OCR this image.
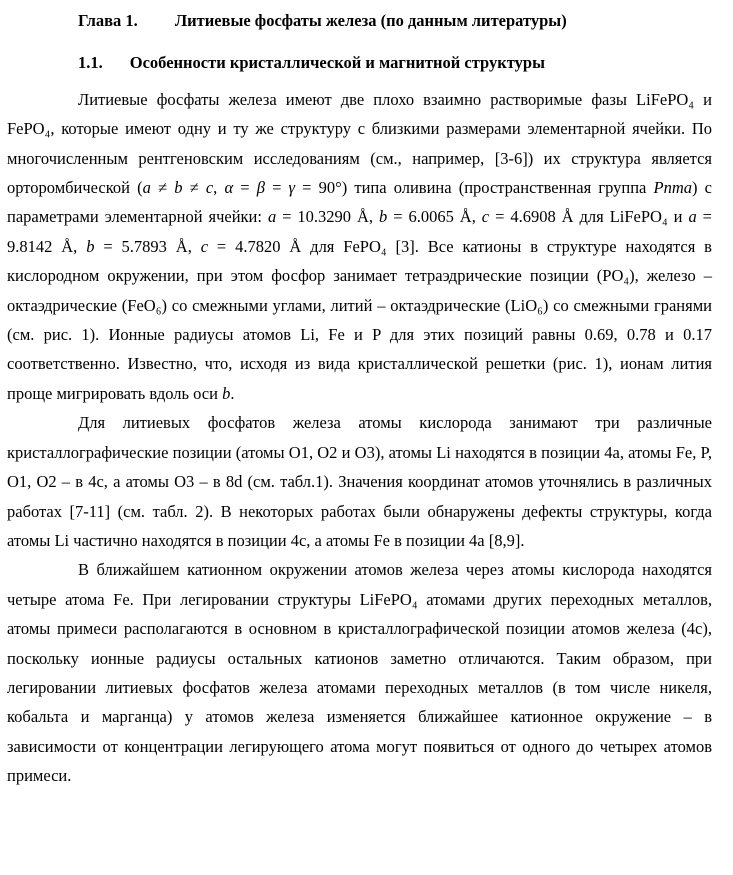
Глава 1. Литиевые фосфаты железа (по данным литературы)
1.1. Особенности кристаллической и магнитной структуры

Литиевые фосфаты железа имеют две плохо взаимно растворимые фазы LiFePO₄ и FePO₄, которые имеют одну и ту же структуру с близкими размерами элементарной ячейки. По многочисленным рентгеновским исследованиям (см., например, [3-6]) их структура является орторомбической (a ≠ b ≠ c, α = β = γ = 90°) типа оливина (пространственная группа Pnma) с параметрами элементарной ячейки: a = 10.3290 Å, b = 6.0065 Å, c = 4.6908 Å для LiFePO₄ и a = 9.8142 Å, b = 5.7893 Å, c = 4.7820 Å для FePO₄ [3]. Все катионы в структуре находятся в кислородном окружении, при этом фосфор занимает тетраэдрические позиции (PO₄), железо – октаэдрические (FeO₆) со смежными углами, литий – октаэдрические (LiO₆) со смежными гранями (см. рис. 1). Ионные радиусы атомов Li, Fe и P для этих позиций равны 0.69, 0.78 и 0.17 соответственно. Известно, что, исходя из вида кристаллической решетки (рис. 1), ионам лития проще мигрировать вдоль оси b.

Для литиевых фосфатов железа атомы кислорода занимают три различные кристаллографические позиции (атомы O1, O2 и O3), атомы Li находятся в позиции 4a, атомы Fe, P, O1, O2 – в 4c, а атомы O3 – в 8d (см. табл.1). Значения координат атомов уточнялись в различных работах [7-11] (см. табл. 2). В некоторых работах были обнаружены дефекты структуры, когда атомы Li частично находятся в позиции 4c, а атомы Fe в позиции 4a [8,9].

В ближайшем катионном окружении атомов железа через атомы кислорода находятся четыре атома Fe. При легировании структуры LiFePO₄ атомами других переходных металлов, атомы примеси располагаются в основном в кристаллографической позиции атомов железа (4c), поскольку ионные радиусы остальных катионов заметно отличаются. Таким образом, при легировании литиевых фосфатов железа атомами переходных металлов (в том числе никеля, кобальта и марганца) у атомов железа изменяется ближайшее катионное окружение – в зависимости от концентрации легирующего атома могут появиться от одного до четырех атомов примеси.
